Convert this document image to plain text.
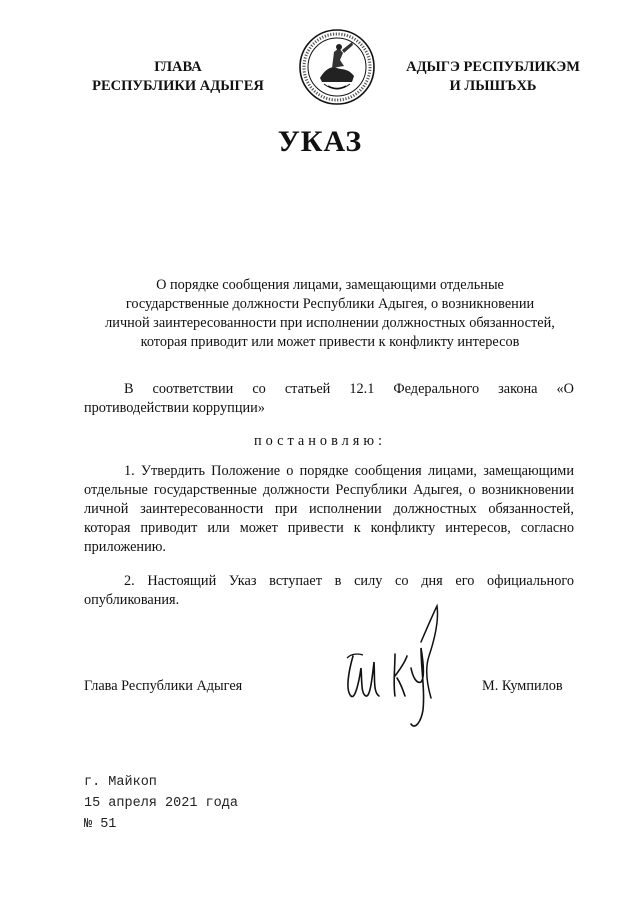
ГЛАВА
РЕСПУБЛИКИ АДЫГЕЯ
АДЫГЭ РЕСПУБЛИКЭМ
И ЛЫШЪХЬ
УКАЗ
О порядке сообщения лицами, замещающими отдельные
государственные должности Республики Адыгея, о возникновении
личной заинтересованности при исполнении должностных обязанностей,
которая приводит или может привести к конфликту интересов
В соответствии со статьей 12.1 Федерального закона «О противодействии коррупции»
постановляю:
1. Утвердить Положение о порядке сообщения лицами, замещающими отдельные государственные должности Республики Адыгея, о возникновении личной заинтересованности при исполнении должностных обязанностей, которая приводит или может привести к конфликту интересов, согласно приложению.
2. Настоящий Указ вступает в силу со дня его официального опубликования.
Глава Республики Адыгея	М. Кумпилов
г. Майкоп
15 апреля 2021 года
№ 51
